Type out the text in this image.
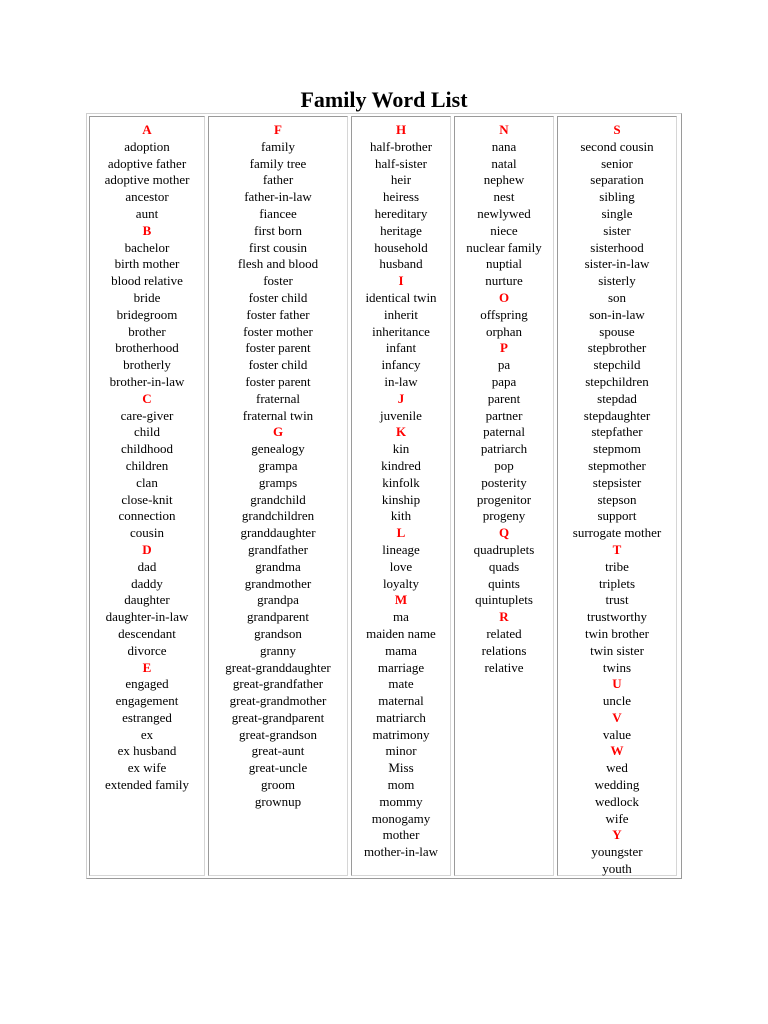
Family Word List
A
adoption
adoptive father
adoptive mother
ancestor
aunt
B
bachelor
birth mother
blood relative
bride
bridegroom
brother
brotherhood
brotherly
brother-in-law
C
care-giver
child
childhood
children
clan
close-knit
connection
cousin
D
dad
daddy
daughter
daughter-in-law
descendant
divorce
E
engaged
engagement
estranged
ex
ex husband
ex wife
extended family
F
family
family tree
father
father-in-law
fiancee
first born
first cousin
flesh and blood
foster
foster child
foster father
foster mother
foster parent
foster child
foster parent
fraternal
fraternal twin
G
genealogy
grampa
gramps
grandchild
grandchildren
granddaughter
grandfather
grandma
grandmother
grandpa
grandparent
grandson
granny
great-granddaughter
great-grandfather
great-grandmother
great-grandparent
great-grandson
great-aunt
great-uncle
groom
grownup
H
half-brother
half-sister
heir
heiress
hereditary
heritage
household
husband
I
identical twin
inherit
inheritance
infant
infancy
in-law
J
juvenile
K
kin
kindred
kinfolk
kinship
kith
L
lineage
love
loyalty
M
ma
maiden name
mama
marriage
mate
maternal
matriarch
matrimony
minor
Miss
mom
mommy
monogamy
mother
mother-in-law
N
nana
natal
nephew
nest
newlywed
niece
nuclear family
nuptial
nurture
O
offspring
orphan
P
pa
papa
parent
partner
paternal
patriarch
pop
posterity
progenitor
progeny
Q
quadruplets
quads
quints
quintuplets
R
related
relations
relative
S
second cousin
senior
separation
sibling
single
sister
sisterhood
sister-in-law
sisterly
son
son-in-law
spouse
stepbrother
stepchild
stepchildren
stepdad
stepdaughter
stepfather
stepmom
stepmother
stepsister
stepson
support
surrogate mother
T
tribe
triplets
trust
trustworthy
twin brother
twin sister
twins
U
uncle
V
value
W
wed
wedding
wedlock
wife
Y
youngster
youth
